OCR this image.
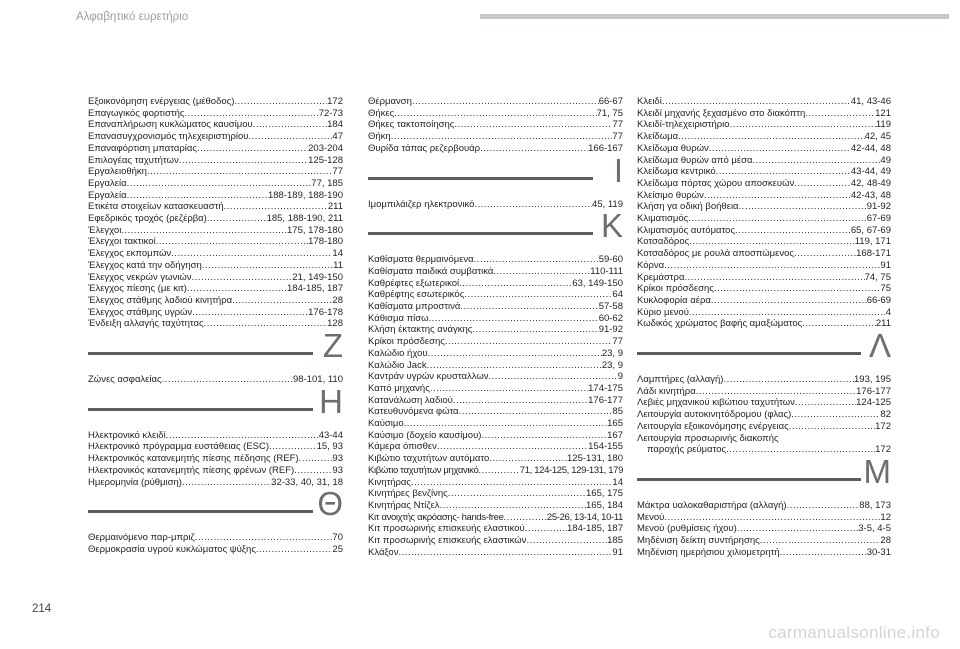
Αλφαβητικό ευρετήριο
Εξοικονόμηση ενέργειας (μέθοδος) .....	172
Επαγωγικός φορτιστής .....	72-73
Επαναπλήρωση κυκλώματος καυσίμου .....	184
Επανασυγχρονισμός τηλεχειριστηρίου .....	47
Επαναφόρτιση μπαταρίας .....	203-204
Επιλογέας ταχυτήτων .....	125-128
Εργαλειοθήκη .....	77
Εργαλεία .....	77, 185
Εργαλεία .....	188-189, 188-190
Ετικέτα στοιχείων κατασκευαστή .....	211
Εφεδρικός τροχός (ρεζέρβα) .....	185, 188-190, 211
Έλεγχοι .....	175, 178-180
Έλεγχοι τακτικοί .....	178-180
Έλεγχος εκπομπών .....	14
Έλεγχος κατά την οδήγηση .....	11
Έλεγχος νεκρών γωνιών .....	21, 149-150
Έλεγχος πίεσης (με κιτ) .....	184-185, 187
Έλεγχος στάθμης λαδιού κινητήρα .....	28
Έλεγχος στάθμης υγρών .....	176-178
Ένδειξη αλλαγής ταχύτητας .....	128
Z
Ζώνες ασφαλείας .....	98-101, 110
H
Ηλεκτρονικό κλειδί .....	43-44
Ηλεκτρονικό πρόγραμμα ευστάθειας (ESC) .....	15, 93
Ηλεκτρονικός κατανεμητής πίεσης πέδησης (REF) .....	93
Ηλεκτρονικός κατανεμητής πίεσης φρένων (REF) .....	93
Ημερομηνία (ρύθμιση) .....	32-33, 40, 31, 18
Θ
Θερμαινόμενο παρ-μπριζ .....	70
Θερμοκρασία υγρού κυκλώματος ψύξης .....	25
Θέρμανση .....	66-67
Θήκες .....	71, 75
Θήκες τακτοποίησης .....	77
Θήκη .....	77
Θυρίδα τάπας ρεζερβουάρ .....	166-167
I
Ιμομπιλάιζερ ηλεκτρονικό .....	45, 119
K
Καθίσματα θερμαινόμενα .....	59-60
Καθίσματα παιδικά συμβατικά .....	110-111
Καθρέφτες εξωτερικοί .....	63, 149-150
Καθρέφτης εσωτερικός .....	64
Καθίσματα μπροστινά .....	57-58
Κάθισμα πίσω .....	60-62
Κλήση έκτακτης ανάγκης .....	91-92
Κρίκοι πρόσδεσης .....	77
Καλώδιο ήχου .....	23, 9
Καλώδιο Jack .....	23, 9
Καντράν υγρών κρυσταλλων .....	9
Καπό μηχανής .....	174-175
Κατανάλωση λαδιού .....	176-177
Κατευθυνόμενα φώτα .....	85
Καύσιμο .....	165
Καύσιμο (δοχείο καυσίμου) .....	167
Κάμερα όπισθεν .....	154-155
Κιβώτιο ταχυτήτων αυτόματο .....	125-131, 180
Κιβώτιο ταχυτήτων μηχανικό .....	71, 124-125, 129-131, 179
Κινητήρας .....	14
Κινητήρες βενζίνης .....	165, 175
Κινητήρας Ντίζελ .....	165, 184
Κιτ ανοιχτής ακρόασης- hands-free .....	25-26, 13-14, 10-11
Κιτ προσωρινής επισκευής ελαστικού .....	184-185, 187
Κιτ προσωρινής επισκευής ελαστικών .....	185
Κλάξον .....	91
Κλειδί .....	41, 43-46
Κλειδί μηχανής ξεχασμένο στο διακόπτη .....	121
Κλειδί-τηλεχειριστήριο .....	119
Κλείδωμα .....	42, 45
Κλείδωμα θυρών .....	42-44, 48
Κλείδωμα θυρών από μέσα .....	49
Κλείδωμα κεντρικό .....	43-44, 49
Κλείδωμα πόρτας χώρου αποσκευών .....	42, 48-49
Κλείσιμο θυρών .....	42-43, 48
Κλήση γα οδική βοήθεια .....	91-92
Κλιματισμός .....	67-69
Κλιματισμός αυτόματος .....	65, 67-69
Κοτσαδόρος .....	119, 171
Κοτσαδόρος με ρουλά αποσπώμενος .....	168-171
Κόρνα .....	91
Κρεμάστρα .....	74, 75
Κρίκοι πρόσδεσης .....	75
Κυκλοφορία αέρα .....	66-69
Κύριο μενού .....	4
Κωδικός χρώματος βαφής αμαξώματος .....	211
Λ
Λαμπτήρες (αλλαγή) .....	193, 195
Λάδι κινητήρα .....	176-177
Λεβιές μηχανικού κιβώτιου ταχυτήτων .....	124-125
Λειτουργία αυτοκινητόδρομου (φλας) .....	82
Λειτουργία εξοικονόμησης ενέργειας .....	172
Λειτουργία προσωρινής διακοπής
παροχής ρεύματος .....	172
M
Μάκτρα υαλοκαθαριστήρα (αλλαγή) .....	88, 173
Μενού .....	12
Μενού (ρυθμίσεις ήχου) .....	3-5, 4-5
Μηδένιση δείκτη συντήρησης .....	28
Μηδένιση ημερήσιου χιλιομετρητή .....	30-31
214
carmanualsonline.info
